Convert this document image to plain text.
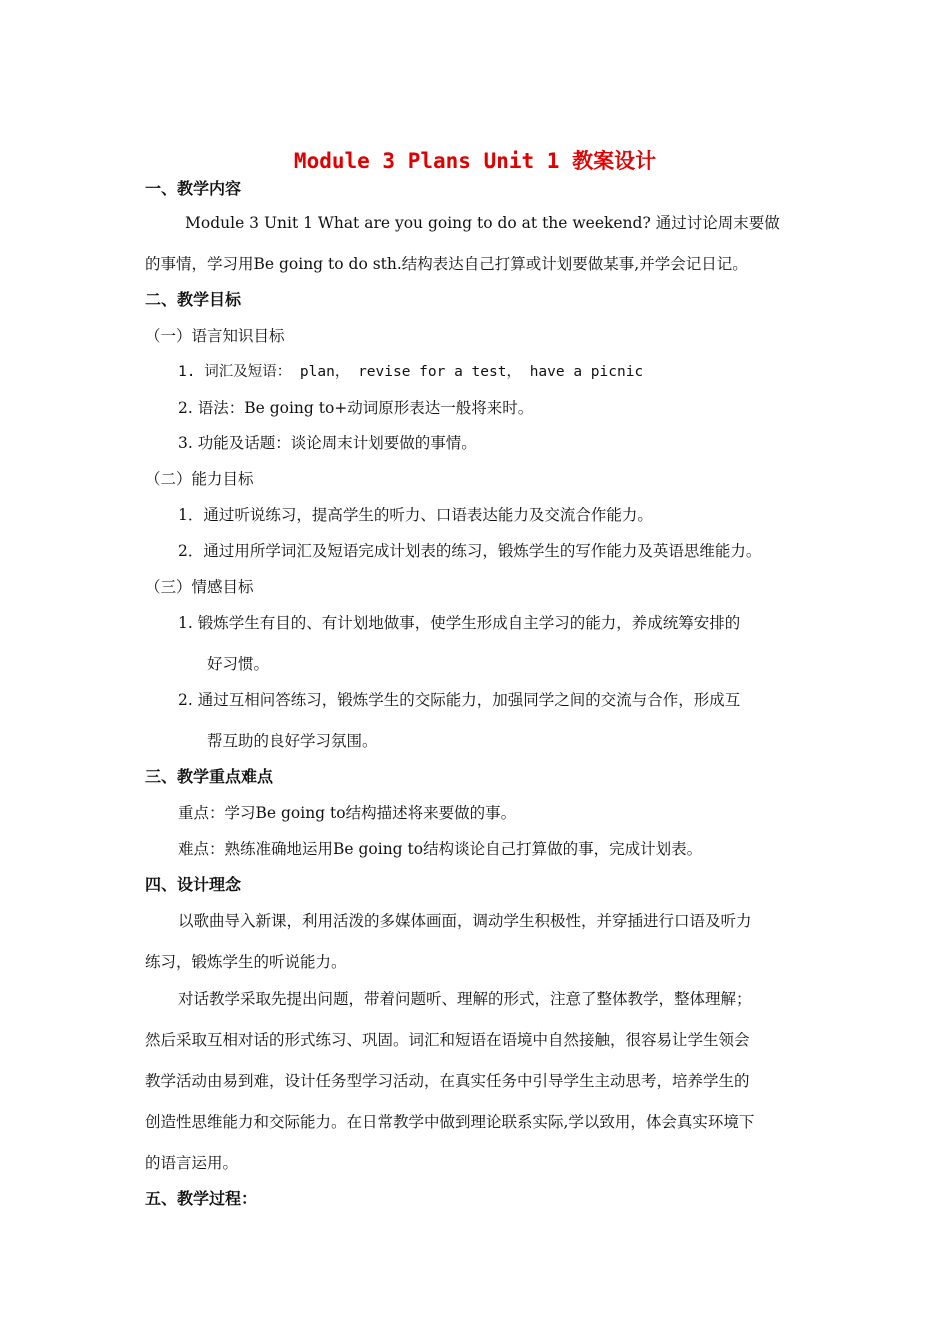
Module 3 Plans Unit 1 教案设计
一、教学内容
Module 3 Unit 1 What are you going to do at the weekend? 通过讨论周末要做
的事情，学习用Be going to do sth.结构表达自己打算或计划要做某事,并学会记日记。
二、教学目标
（一）语言知识目标
1. 词汇及短语： plan， revise for a test， have a picnic
2. 语法：Be going to+动词原形表达一般将来时。
3. 功能及话题：谈论周末计划要做的事情。
（二）能力目标
1．通过听说练习，提高学生的听力、口语表达能力及交流合作能力。
2．通过用所学词汇及短语完成计划表的练习，锻炼学生的写作能力及英语思维能力。
（三）情感目标
1. 锻炼学生有目的、有计划地做事，使学生形成自主学习的能力，养成统筹安排的
好习惯。
2. 通过互相问答练习，锻炼学生的交际能力，加强同学之间的交流与合作，形成互
帮互助的良好学习氛围。
三、教学重点难点
重点：学习Be going to结构描述将来要做的事。
难点：熟练准确地运用Be going to结构谈论自己打算做的事，完成计划表。
四、设计理念
以歌曲导入新课，利用活泼的多媒体画面，调动学生积极性，并穿插进行口语及听力
练习，锻炼学生的听说能力。
对话教学采取先提出问题，带着问题听、理解的形式，注意了整体教学，整体理解；
然后采取互相对话的形式练习、巩固。词汇和短语在语境中自然接触，很容易让学生领会
教学活动由易到难，设计任务型学习活动，在真实任务中引导学生主动思考，培养学生的
创造性思维能力和交际能力。在日常教学中做到理论联系实际,学以致用，体会真实环境下
的语言运用。
五、教学过程：
